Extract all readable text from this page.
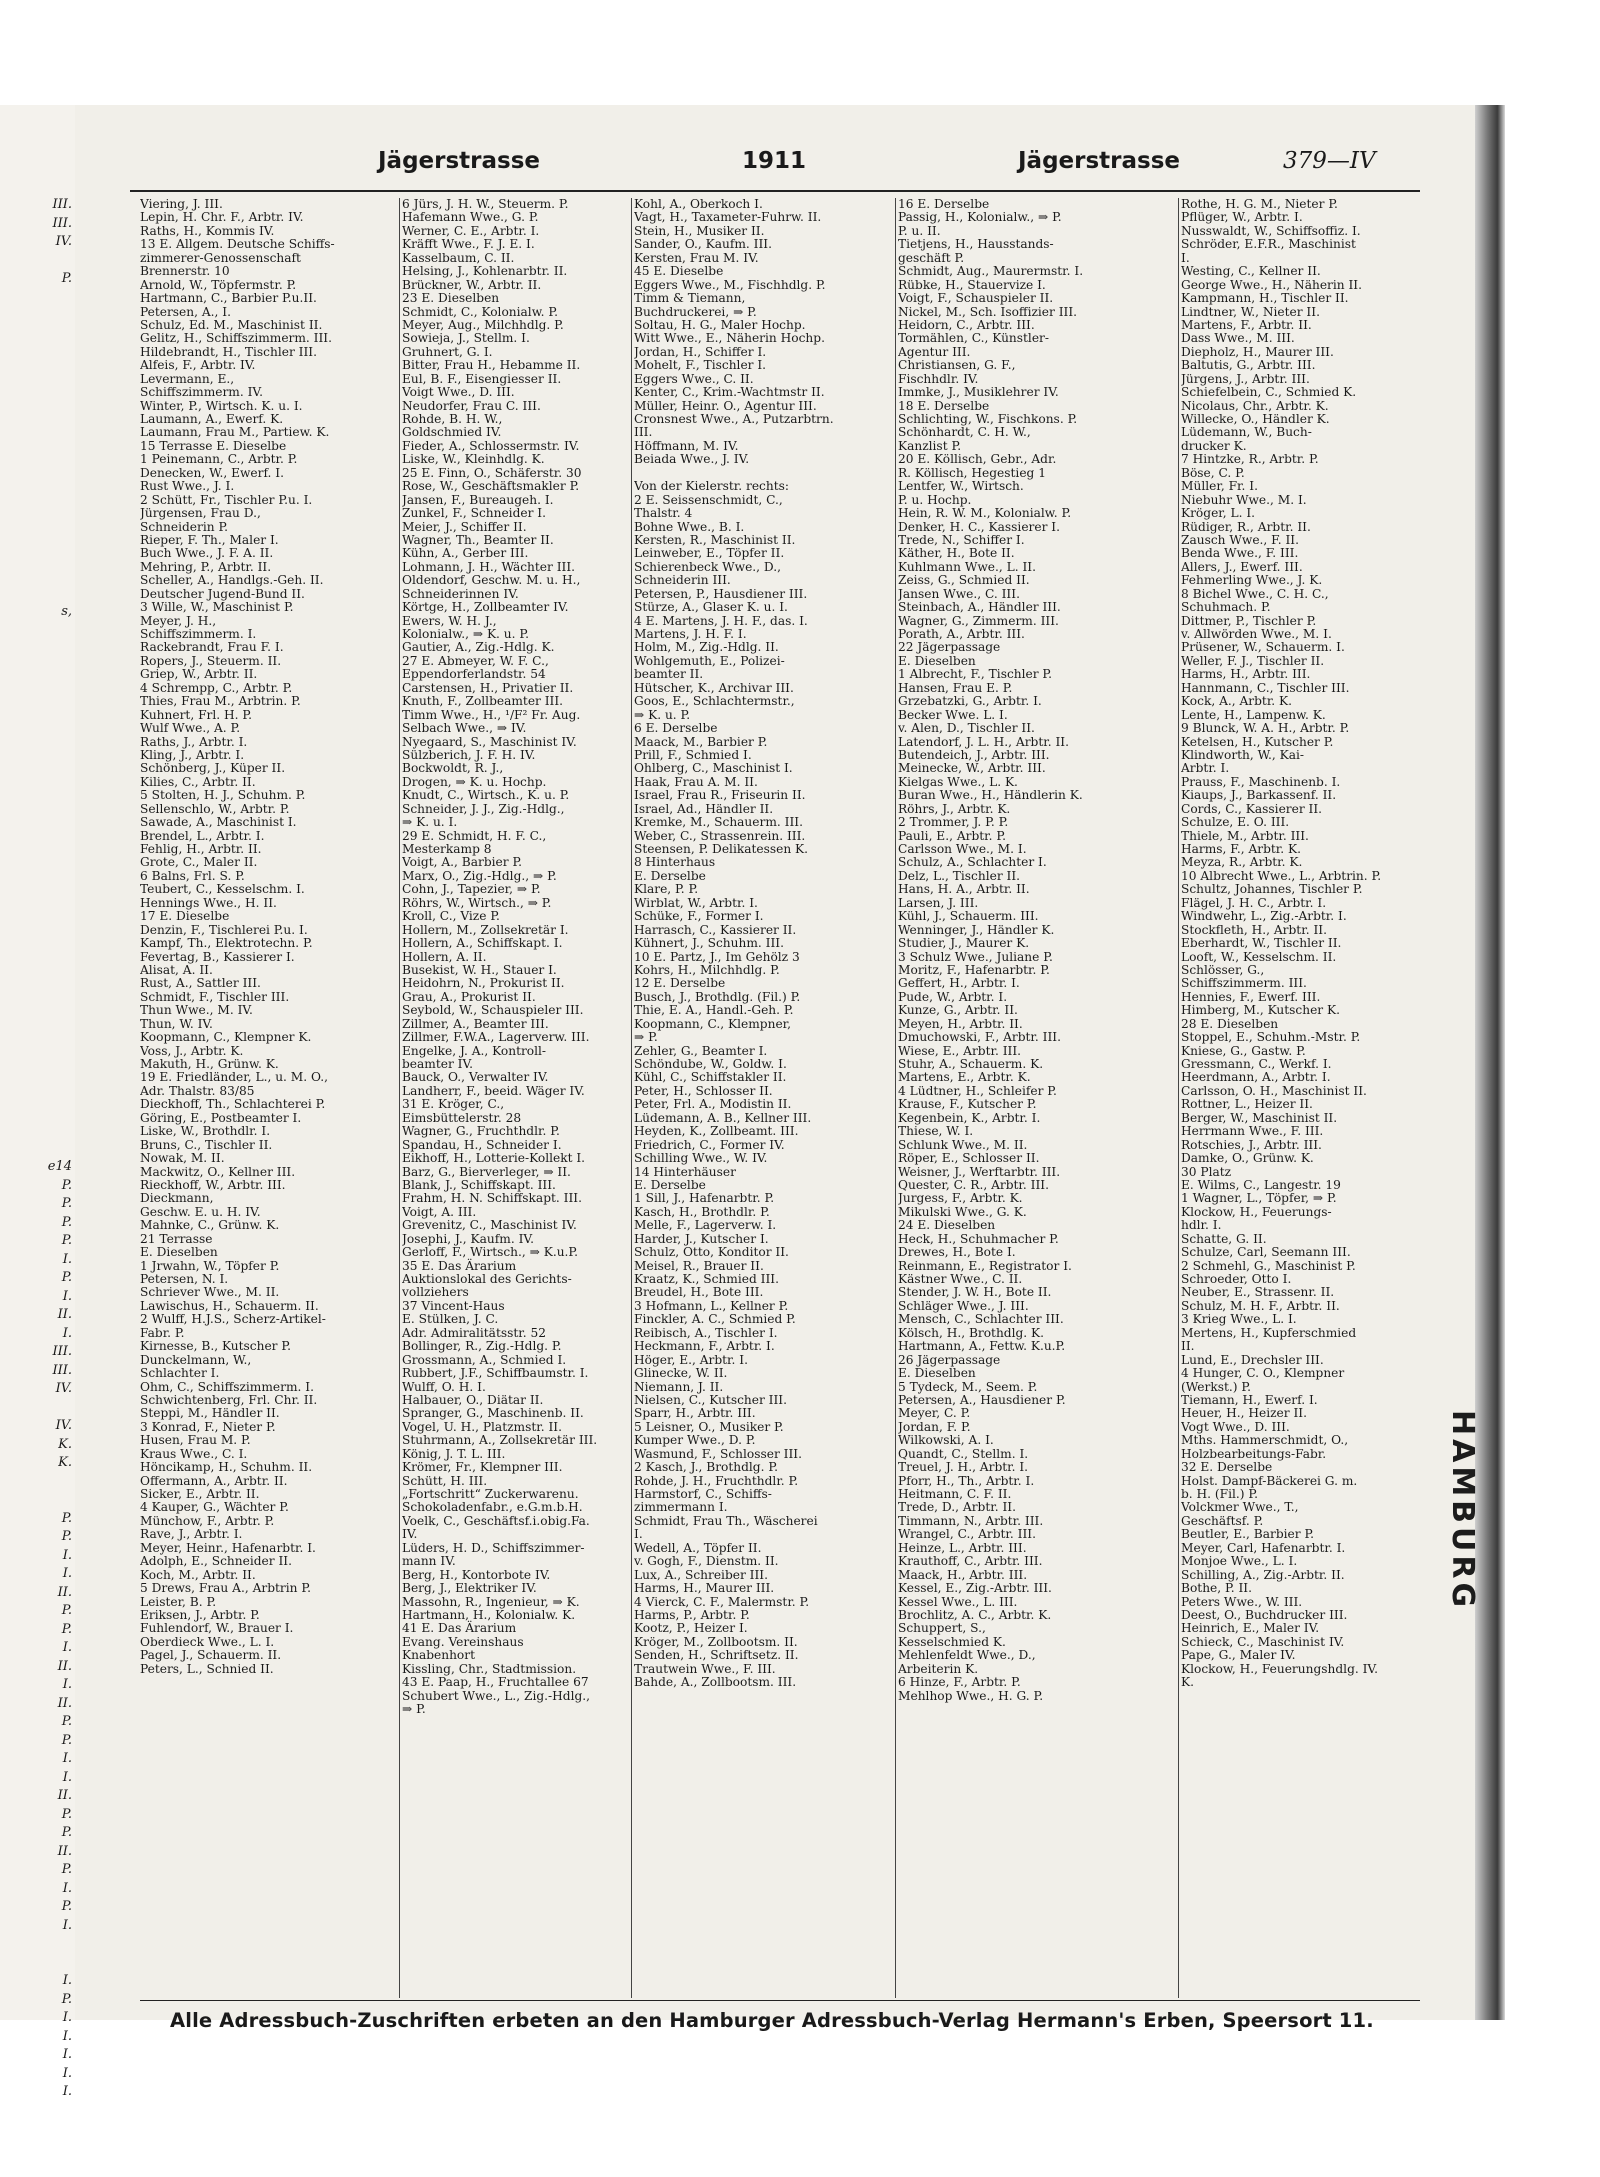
III.
III.
IV.
P.
s,
e14
P.
P.
P.
P.
I.
P.
I.
II.
I.
III.
III.
IV.
IV.
K.
K.
P.
P.
I.
I.
II.
P.
P.
I.
II.
I.
II.
P.
P.
I.
I.
II.
P.
P.
II.
P.
I.
P.
I.
I.
P.
I.
I.
I.
I.
I.
Jägerstrasse	1911	Jägerstrasse	379—IV
Viering, J. III.
Lepin, H. Chr. F., Arbtr. IV.
Raths, H., Kommis IV.
13 E. Allgem. Deutsche Schiffs-
zimmerer-Genossenschaft
Brennerstr. 10
Arnold, W., Töpfermstr. P.
Hartmann, C., Barbier P.u.II.
Petersen, A., I.
Schulz, Ed. M., Maschinist II.
Gelitz, H., Schiffszimmerm. III.
Hildebrandt, H., Tischler III.
Alfeis, F., Arbtr. IV.
Levermann, E.,
Schiffszimmerm. IV.
Winter, P., Wirtsch. K. u. I.
Laumann, A., Ewerf. K.
Laumann, Frau M., Partiew. K.
15 Terrasse E. Dieselbe
1 Peinemann, C., Arbtr. P.
Denecken, W., Ewerf. I.
Rust Wwe., J. I.
2 Schütt, Fr., Tischler P.u. I.
Jürgensen, Frau D.,
Schneiderin P.
Rieper, F. Th., Maler I.
Buch Wwe., J. F. A. II.
Mehring, P., Arbtr. II.
Scheller, A., Handlgs.-Geh. II.
Deutscher Jugend-Bund II.
3 Wille, W., Maschinist P.
Meyer, J. H.,
Schiffszimmerm. I.
Rackebrandt, Frau F. I.
Ropers, J., Steuerm. II.
Griep, W., Arbtr. II.
4 Schrempp, C., Arbtr. P.
Thies, Frau M., Arbtrin. P.
Kuhnert, Frl. H. P.
Wulf Wwe., A. P.
Raths, J., Arbtr. I.
Kling, J., Arbtr. I.
Schönberg, J., Küper II.
Kilies, C., Arbtr. II.
5 Stolten, H. J., Schuhm. P.
Sellenschlo, W., Arbtr. P.
Sawade, A., Maschinist I.
Brendel, L., Arbtr. I.
Fehlig, H., Arbtr. II.
Grote, C., Maler II.
6 Balns, Frl. S. P.
Teubert, C., Kesselschm. I.
Hennings Wwe., H. II.
17 E. Dieselbe
Denzin, F., Tischlerei P.u. I.
Kampf, Th., Elektrotechn. P.
Fevertag, B., Kassierer I.
Alisat, A. II.
Rust, A., Sattler III.
Schmidt, F., Tischler III.
Thun Wwe., M. IV.
Thun, W. IV.
Koopmann, C., Klempner K.
Voss, J., Arbtr. K.
Makuth, H., Grünw. K.
19 E. Friedländer, L., u. M. O.,
Adr. Thalstr. 83/85
Dieckhoff, Th., Schlachterei P.
Göring, E., Postbeamter I.
Liske, W., Brothdlr. I.
Bruns, C., Tischler II.
Nowak, M. II.
Mackwitz, O., Kellner III.
Rieckhoff, W., Arbtr. III.
Dieckmann,
Geschw. E. u. H. IV.
Mahnke, C., Grünw. K.
21 Terrasse
E. Dieselben
1 Jrwahn, W., Töpfer P.
Petersen, N. I.
Schriever Wwe., M. II.
Lawischus, H., Schauerm. II.
2 Wulff, H.J.S., Scherz-Artikel-
Fabr. P.
Kirnesse, B., Kutscher P.
Dunckelmann, W.,
Schlachter I.
Ohm, C., Schiffszimmerm. I.
Schwichtenberg, Frl. Chr. II.
Steppi, M., Händler II.
3 Konrad, F., Nieter P.
Husen, Frau M. P.
Kraus Wwe., C. I.
Höncikamp, H., Schuhm. II.
Offermann, A., Arbtr. II.
Sicker, E., Arbtr. II.
4 Kauper, G., Wächter P.
Münchow, F., Arbtr. P.
Rave, J., Arbtr. I.
Meyer, Heinr., Hafenarbtr. I.
Adolph, E., Schneider II.
Koch, M., Arbtr. II.
5 Drews, Frau A., Arbtrin P.
Leister, B. P.
Eriksen, J., Arbtr. P.
Fuhlendorf, W., Brauer I.
Oberdieck Wwe., L. I.
Pagel, J., Schauerm. II.
Peters, L., Schnied II.
6 Jürs, J. H. W., Steuerm. P.
Hafemann Wwe., G. P.
Werner, C. E., Arbtr. I.
Kräfft Wwe., F. J. E. I.
Kasselbaum, C. II.
Helsing, J., Kohlenarbtr. II.
Brückner, W., Arbtr. II.
23 E. Dieselben
Schmidt, C., Kolonialw. P.
Meyer, Aug., Milchhdlg. P.
Sowieja, J., Stellm. I.
Gruhnert, G. I.
Bitter, Frau H., Hebamme II.
Eul, B. F., Eisengiesser II.
Voigt Wwe., D. III.
Neudorfer, Frau C. III.
Rohde, B. H. W.,
Goldschmied IV.
Fieder, A., Schlossermstr. IV.
Liske, W., Kleinhdlg. K.
25 E. Finn, O., Schäferstr. 30
Rose, W., Geschäftsmakler P.
Jansen, F., Bureaugeh. I.
Zunkel, F., Schneider I.
Meier, J., Schiffer II.
Wagner, Th., Beamter II.
Kühn, A., Gerber III.
Lohmann, J. H., Wächter III.
Oldendorf, Geschw. M. u. H.,
Schneiderinnen IV.
Körtge, H., Zollbeamter IV.
Ewers, W. H. J.,
Kolonialw., ⇒ K. u. P.
Gautier, A., Zig.-Hdlg. K.
27 E. Abmeyer, W. F. C.,
Eppendorferlandstr. 54
Carstensen, H., Privatier II.
Knuth, F., Zollbeamter III.
Timm Wwe., H., ¹/F² Fr. Aug.
Selbach Wwe., ⇒ IV.
Nyegaard, S., Maschinist IV.
Sülzberich, J. F. H. IV.
Bockwoldt, R. J.,
Drogen, ⇒ K. u. Hochp.
Knudt, C., Wirtsch., K. u. P.
Schneider, J. J., Zig.-Hdlg.,
⇒ K. u. I.
29 E. Schmidt, H. F. C.,
Mesterkamp 8
Voigt, A., Barbier P.
Marx, O., Zig.-Hdlg., ⇒ P.
Cohn, J., Tapezier, ⇒ P.
Röhrs, W., Wirtsch., ⇒ P.
Kroll, C., Vize P.
Hollern, M., Zollsekretär I.
Hollern, A., Schiffskapt. I.
Hollern, A. II.
Busekist, W. H., Stauer I.
Heidohrn, N., Prokurist II.
Grau, A., Prokurist II.
Seybold, W., Schauspieler III.
Zillmer, A., Beamter III.
Zillmer, F.W.A., Lagerverw. III.
Engelke, J. A., Kontroll-
beamter IV.
Bauck, O., Verwalter IV.
Landherr, F., beeid. Wäger IV.
31 E. Kröger, C.,
Eimsbüttelerstr. 28
Wagner, G., Fruchthdlr. P.
Spandau, H., Schneider I.
Eikhoff, H., Lotterie-Kollekt I.
Barz, G., Bierverleger, ⇒ II.
Blank, J., Schiffskapt. III.
Frahm, H. N. Schiffskapt. III.
Voigt, A. III.
Grevenitz, C., Maschinist IV.
Josephi, J., Kaufm. IV.
Gerloff, F., Wirtsch., ⇒ K.u.P.
35 E. Das Ärarium
Auktionslokal des Gerichts-
vollziehers
37 Vincent-Haus
E. Stülken, J. C.
Adr. Admiralitätsstr. 52
Bollinger, R., Zig.-Hdlg. P.
Grossmann, A., Schmied I.
Rubbert, J.F., Schiffbaumstr. I.
Wulff, O. H. I.
Halbauer, O., Diätar II.
Spranger, G., Maschinenb. II.
Vogel, U. H., Platzmstr. II.
Stuhrmann, A., Zollsekretär III.
König, J. T. L. III.
Krömer, Fr., Klempner III.
Schütt, H. III.
„Fortschritt“ Zuckerwarenu.
Schokoladenfabr., e.G.m.b.H.
Voelk, C., Geschäftsf.i.obig.Fa.
IV.
Lüders, H. D., Schiffszimmer-
mann IV.
Berg, H., Kontorbote IV.
Berg, J., Elektriker IV.
Massohn, R., Ingenieur, ⇒ K.
Hartmann, H., Kolonialw. K.
41 E. Das Ärarium
Evang. Vereinshaus
Knabenhort
Kissling, Chr., Stadtmission.
43 E. Paap, H., Fruchtallee 67
Schubert Wwe., L., Zig.-Hdlg.,
⇒ P.
Kohl, A., Oberkoch I.
Vagt, H., Taxameter-Fuhrw. II.
Stein, H., Musiker II.
Sander, O., Kaufm. III.
Kersten, Frau M. IV.
45 E. Dieselbe
Eggers Wwe., M., Fischhdlg. P.
Timm & Tiemann,
Buchdruckerei, ⇒ P.
Soltau, H. G., Maler Hochp.
Witt Wwe., E., Näherin Hochp.
Jordan, H., Schiffer I.
Mohelt, F., Tischler I.
Eggers Wwe., C. II.
Kenter, C., Krim.-Wachtmstr II.
Müller, Heinr. O., Agentur III.
Cronsnest Wwe., A., Putzarbtrn.
III.
Höffmann, M. IV.
Beiada Wwe., J. IV.
Von der Kielerstr. rechts:
2 E. Seissenschmidt, C.,
Thalstr. 4
Bohne Wwe., B. I.
Kersten, R., Maschinist II.
Leinweber, E., Töpfer II.
Schierenbeck Wwe., D.,
Schneiderin III.
Petersen, P., Hausdiener III.
Stürze, A., Glaser K. u. I.
4 E. Martens, J. H. F., das. I.
Martens, J. H. F. I.
Holm, M., Zig.-Hdlg. II.
Wohlgemuth, E., Polizei-
beamter II.
Hütscher, K., Archivar III.
Goos, E., Schlachtermstr.,
⇒ K. u. P.
6 E. Derselbe
Maack, M., Barbier P.
Prill, F., Schmied I.
Ohlberg, C., Maschinist I.
Haak, Frau A. M. II.
Israel, Frau R., Friseurin II.
Israel, Ad., Händler II.
Kremke, M., Schauerm. III.
Weber, C., Strassenrein. III.
Steensen, P. Delikatessen K.
8 Hinterhaus
E. Derselbe
Klare, P. P.
Wirblat, W., Arbtr. I.
Schüke, F., Former I.
Harrasch, C., Kassierer II.
Kühnert, J., Schuhm. III.
10 E. Partz, J., Im Gehölz 3
Kohrs, H., Milchhdlg. P.
12 E. Derselbe
Busch, J., Brothdlg. (Fil.) P.
Thie, E. A., Handl.-Geh. P.
Koopmann, C., Klempner,
⇒ P.
Zehler, G., Beamter I.
Schöndube, W., Goldw. I.
Kühl, C., Schiffstakler II.
Peter, H., Schlosser II.
Peter, Frl. A., Modistin II.
Lüdemann, A. B., Kellner III.
Heyden, K., Zollbeamt. III.
Friedrich, C., Former IV.
Schilling Wwe., W. IV.
14 Hinterhäuser
E. Derselbe
1 Sill, J., Hafenarbtr. P.
Kasch, H., Brothdlr. P.
Melle, F., Lagerverw. I.
Harder, J., Kutscher I.
Schulz, Otto, Konditor II.
Meisel, R., Brauer II.
Kraatz, K., Schmied III.
Breudel, H., Bote III.
3 Hofmann, L., Kellner P.
Finckler, A. C., Schmied P.
Reibisch, A., Tischler I.
Heckmann, F., Arbtr. I.
Höger, E., Arbtr. I.
Glinecke, W. II.
Niemann, J. II.
Nielsen, C., Kutscher III.
Sparr, H., Arbtr. III.
5 Leisner, O., Musiker P.
Kumper Wwe., D. P.
Wasmund, F., Schlosser III.
2 Kasch, J., Brothdlg. P.
Rohde, J. H., Fruchthdlr. P.
Harmstorf, C., Schiffs-
zimmermann I.
Schmidt, Frau Th., Wäscherei
I.
Wedell, A., Töpfer II.
v. Gogh, F., Dienstm. II.
Lux, A., Schreiber III.
Harms, H., Maurer III.
4 Vierck, C. F., Malermstr. P.
Harms, P., Arbtr. P.
Kootz, P., Heizer I.
Kröger, M., Zollbootsm. II.
Senden, H., Schriftsetz. II.
Trautwein Wwe., F. III.
Bahde, A., Zollbootsm. III.
16 E. Derselbe
Passig, H., Kolonialw., ⇒ P.
P. u. II.
Tietjens, H., Hausstands-
geschäft P.
Schmidt, Aug., Maurermstr. I.
Rübke, H., Stauervize I.
Voigt, F., Schauspieler II.
Nickel, M., Sch. Isoffizier III.
Heidorn, C., Arbtr. III.
Tormählen, C., Künstler-
Agentur III.
Christiansen, G. F.,
Fischhdlr. IV.
Immke, J., Musiklehrer IV.
18 E. Derselbe
Schlichting, W., Fischkons. P.
Schönhardt, C. H. W.,
Kanzlist P.
20 E. Köllisch, Gebr., Adr.
R. Köllisch, Hegestieg 1
Lentfer, W., Wirtsch.
P. u. Hochp.
Hein, R. W. M., Kolonialw. P.
Denker, H. C., Kassierer I.
Trede, N., Schiffer I.
Käther, H., Bote II.
Kuhlmann Wwe., L. II.
Zeiss, G., Schmied II.
Jansen Wwe., C. III.
Steinbach, A., Händler III.
Wagner, G., Zimmerm. III.
Porath, A., Arbtr. III.
22 Jägerpassage
E. Dieselben
1 Albrecht, F., Tischler P.
Hansen, Frau E. P.
Grzebatzki, G., Arbtr. I.
Becker Wwe. L. I.
v. Alen, D., Tischler II.
Latendorf, J. L. H., Arbtr. II.
Butendeich, J., Arbtr. III.
Meinecke, W., Arbtr. III.
Kielgas Wwe., L. K.
Buran Wwe., H., Händlerin K.
Röhrs, J., Arbtr. K.
2 Trommer, J. P. P.
Pauli, E., Arbtr. P.
Carlsson Wwe., M. I.
Schulz, A., Schlachter I.
Delz, L., Tischler II.
Hans, H. A., Arbtr. II.
Larsen, J. III.
Kühl, J., Schauerm. III.
Wenninger, J., Händler K.
Studier, J., Maurer K.
3 Schulz Wwe., Juliane P.
Moritz, F., Hafenarbtr. P.
Geffert, H., Arbtr. I.
Pude, W., Arbtr. I.
Kunze, G., Arbtr. II.
Meyen, H., Arbtr. II.
Dmuchowski, F., Arbtr. III.
Wiese, E., Arbtr. III.
Stuhr, A., Schauerm. K.
Martens, E., Arbtr. K.
4 Lüdtner, H., Schleifer P.
Krause, F., Kutscher P.
Kegenbein, K., Arbtr. I.
Thiese, W. I.
Schlunk Wwe., M. II.
Röper, E., Schlosser II.
Weisner, J., Werftarbtr. III.
Quester, C. R., Arbtr. III.
Jurgess, F., Arbtr. K.
Mikulski Wwe., G. K.
24 E. Dieselben
Heck, H., Schuhmacher P.
Drewes, H., Bote I.
Reinmann, E., Registrator I.
Kästner Wwe., C. II.
Stender, J. W. H., Bote II.
Schläger Wwe., J. III.
Mensch, C., Schlachter III.
Kölsch, H., Brothdlg. K.
Hartmann, A., Fettw. K.u.P.
26 Jägerpassage
E. Dieselben
5 Tydeck, M., Seem. P.
Petersen, A., Hausdiener P.
Meyer, C. P.
Jordan, F. P.
Wilkowski, A. I.
Quandt, C., Stellm. I.
Treuel, J. H., Arbtr. I.
Pforr, H., Th., Arbtr. I.
Heitmann, C. F. II.
Trede, D., Arbtr. II.
Timmann, N., Arbtr. III.
Wrangel, C., Arbtr. III.
Heinze, L., Arbtr. III.
Krauthoff, C., Arbtr. III.
Maack, H., Arbtr. III.
Kessel, E., Zig.-Arbtr. III.
Kessel Wwe., L. III.
Brochlitz, A. C., Arbtr. K.
Schuppert, S.,
Kesselschmied K.
Mehlenfeldt Wwe., D.,
Arbeiterin K.
6 Hinze, F., Arbtr. P.
Mehlhop Wwe., H. G. P.
Rothe, H. G. M., Nieter P.
Pflüger, W., Arbtr. I.
Nusswaldt, W., Schiffsoffiz. I.
Schröder, E.F.R., Maschinist
I.
Westing, C., Kellner II.
George Wwe., H., Näherin II.
Kampmann, H., Tischler II.
Lindtner, W., Nieter II.
Martens, F., Arbtr. II.
Dass Wwe., M. III.
Diepholz, H., Maurer III.
Baltutis, G., Arbtr. III.
Jürgens, J., Arbtr. III.
Schiefelbein, C., Schmied K.
Nicolaus, Chr., Arbtr. K.
Willecke, O., Händler K.
Lüdemann, W., Buch-
drucker K.
7 Hintzke, R., Arbtr. P.
Böse, C. P.
Müller, Fr. I.
Niebuhr Wwe., M. I.
Kröger, L. I.
Rüdiger, R., Arbtr. II.
Zausch Wwe., F. II.
Benda Wwe., F. III.
Allers, J., Ewerf. III.
Fehmerling Wwe., J. K.
8 Bichel Wwe., C. H. C.,
Schuhmach. P.
Dittmer, P., Tischler P.
v. Allwörden Wwe., M. I.
Prüsener, W., Schauerm. I.
Weller, F. J., Tischler II.
Harms, H., Arbtr. III.
Hannmann, C., Tischler III.
Kock, A., Arbtr. K.
Lente, H., Lampenw. K.
9 Blunck, W. A. H., Arbtr. P.
Ketelsen, H., Kutscher P.
Klindworth, W., Kai-
Arbtr. I.
Prauss, F., Maschinenb. I.
Kiaups, J., Barkassenf. II.
Cords, C., Kassierer II.
Schulze, E. O. III.
Thiele, M., Arbtr. III.
Harms, F., Arbtr. K.
Meyza, R., Arbtr. K.
10 Albrecht Wwe., L., Arbtrin. P.
Schultz, Johannes, Tischler P.
Flägel, J. H. C., Arbtr. I.
Windwehr, L., Zig.-Arbtr. I.
Stockfleth, H., Arbtr. II.
Eberhardt, W., Tischler II.
Looft, W., Kesselschm. II.
Schlösser, G.,
Schiffszimmerm. III.
Hennies, F., Ewerf. III.
Himberg, M., Kutscher K.
28 E. Dieselben
Stoppel, E., Schuhm.-Mstr. P.
Kniese, G., Gastw. P.
Gressmann, C., Werkf. I.
Heerdmann, A., Arbtr. I.
Carlsson, O. H., Maschinist II.
Rottner, L., Heizer II.
Berger, W., Maschinist II.
Herrmann Wwe., F. III.
Rotschies, J., Arbtr. III.
Damke, O., Grünw. K.
30 Platz
E. Wilms, C., Langestr. 19
1 Wagner, L., Töpfer, ⇒ P.
Klockow, H., Feuerungs-
hdlr. I.
Schatte, G. II.
Schulze, Carl, Seemann III.
2 Schmehl, G., Maschinist P.
Schroeder, Otto I.
Neuber, E., Strassenr. II.
Schulz, M. H. F., Arbtr. II.
3 Krieg Wwe., L. I.
Mertens, H., Kupferschmied
II.
Lund, E., Drechsler III.
4 Hunger, C. O., Klempner
(Werkst.) P.
Tiemann, H., Ewerf. I.
Heuer, H., Heizer II.
Vogt Wwe., D. III.
Mths. Hammerschmidt, O.,
Holzbearbeitungs-Fabr.
32 E. Derselbe
Holst. Dampf-Bäckerei G. m.
b. H. (Fil.) P.
Volckmer Wwe., T.,
Geschäftsf. P.
Beutler, E., Barbier P.
Meyer, Carl, Hafenarbtr. I.
Monjoe Wwe., L. I.
Schilling, A., Zig.-Arbtr. II.
Bothe, P. II.
Peters Wwe., W. III.
Deest, O., Buchdrucker III.
Heinrich, E., Maler IV.
Schieck, C., Maschinist IV.
Pape, G., Maler IV.
Klockow, H., Feuerungshdlg. IV.
K.
Alle Adressbuch-Zuschriften erbeten an den Hamburger Adressbuch-Verlag Hermann's Erben, Speersort 11.
HAMBURG
